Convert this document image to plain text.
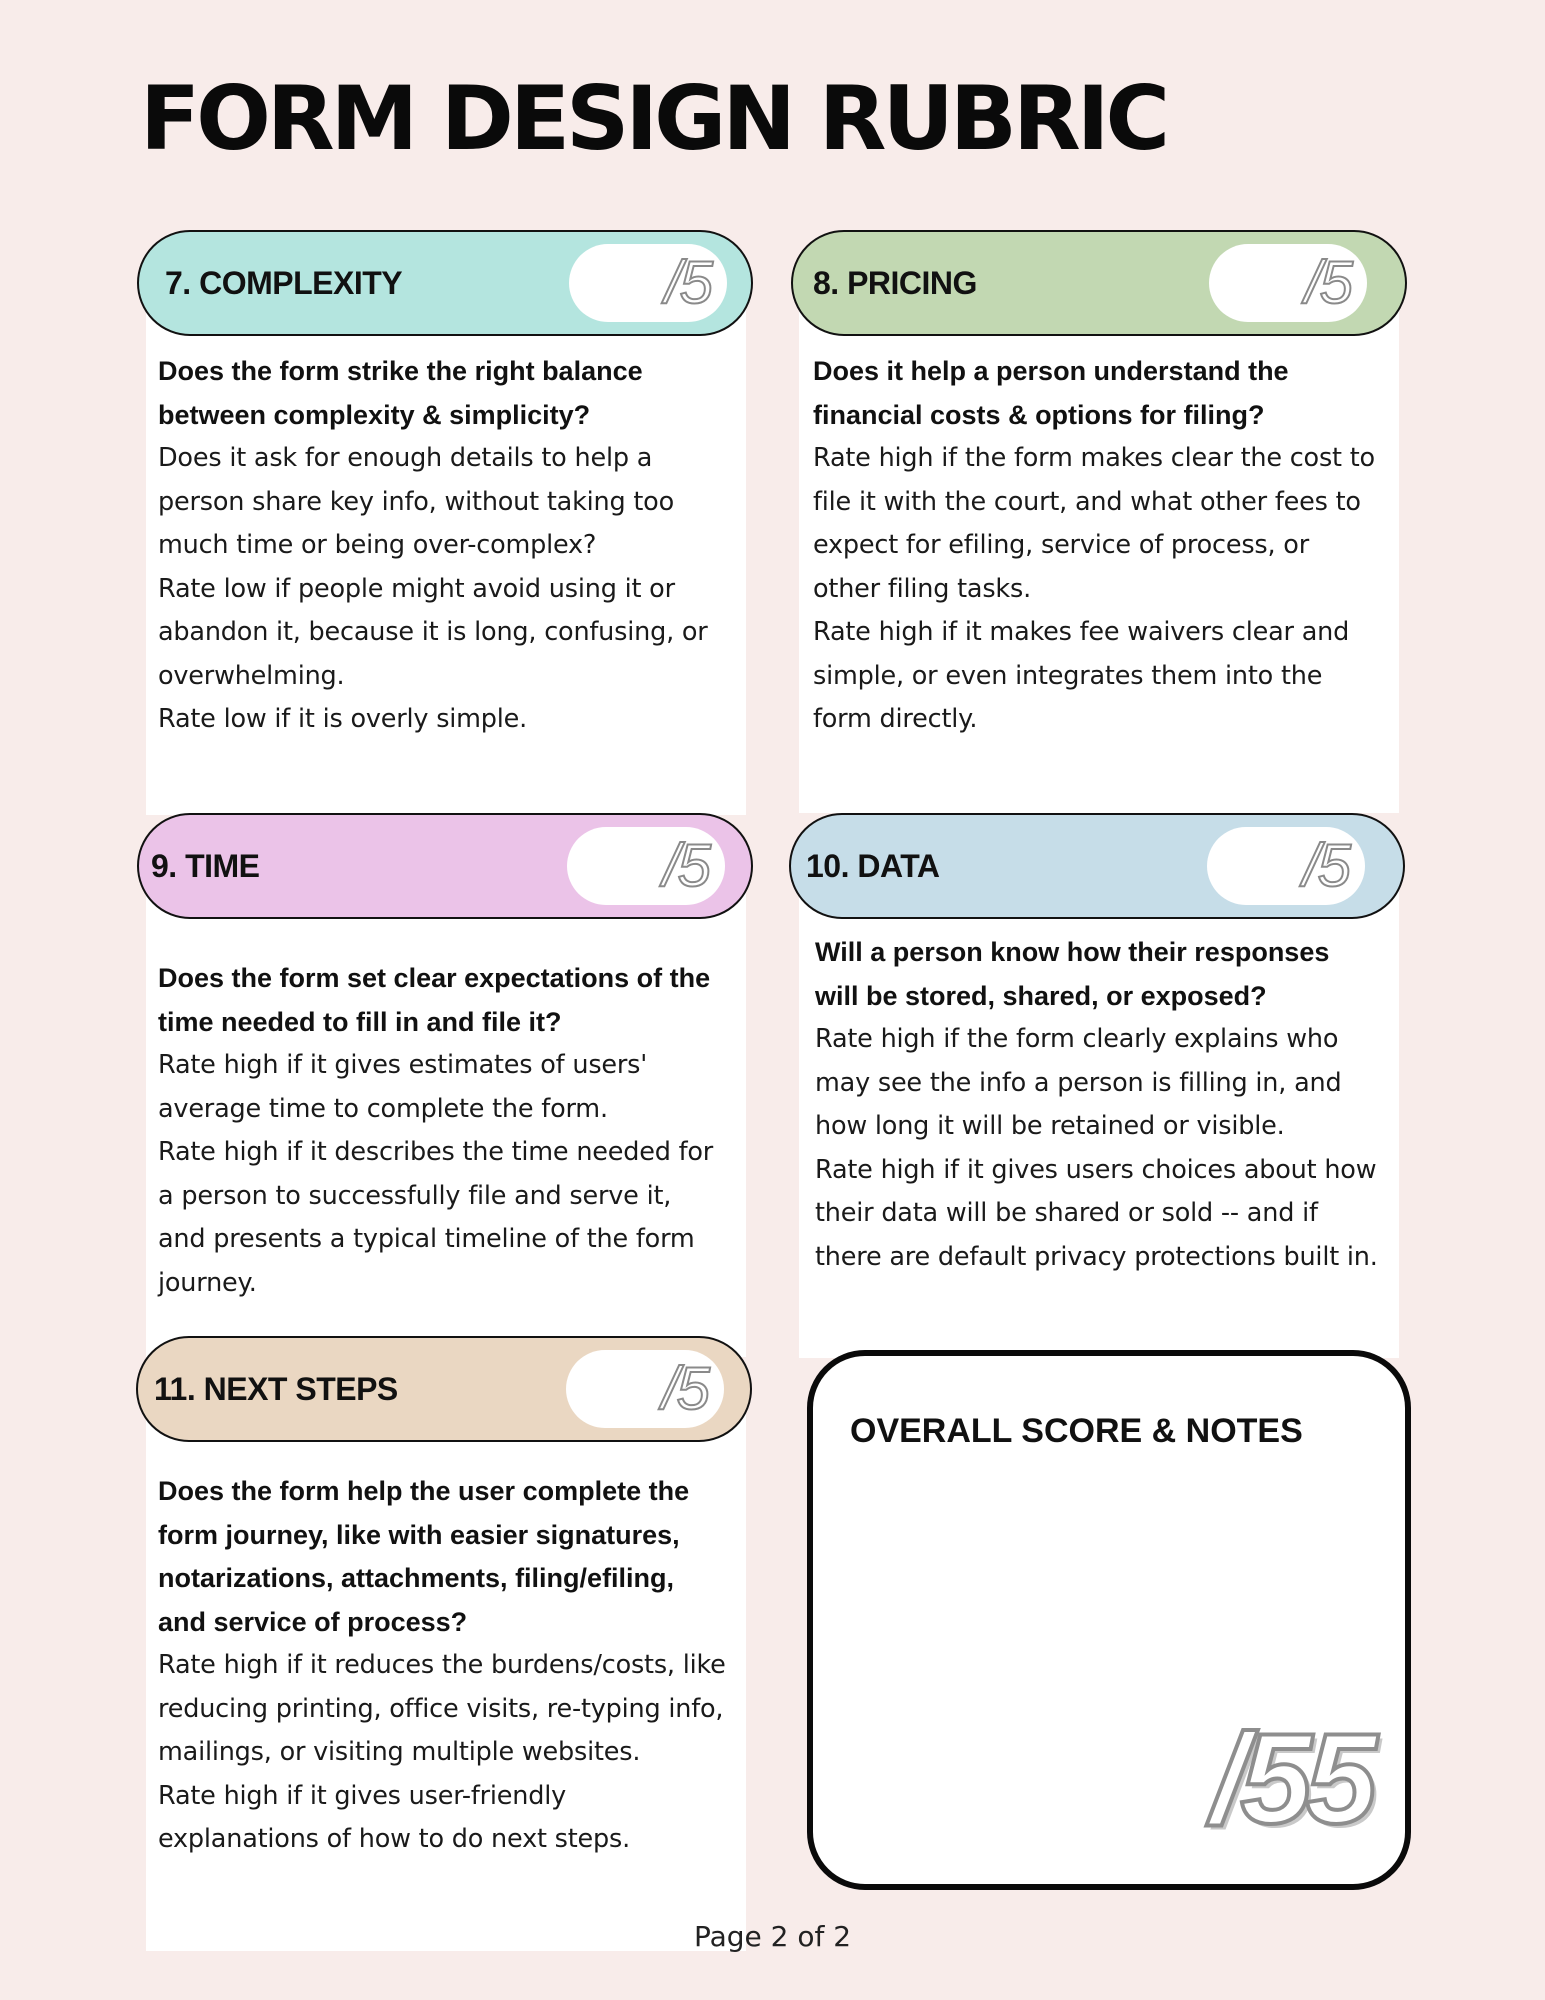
FORM DESIGN RUBRIC
7. COMPLEXITY	/5
Does the form strike the right balance between complexity & simplicity?
Does it ask for enough details to help a person share key info, without taking too much time or being over-complex?
Rate low if people might avoid using it or abandon it, because it is long, confusing, or overwhelming.
Rate low if it is overly simple.
8. PRICING	/5
Does it help a person understand the financial costs & options for filing?
Rate high if the form makes clear the cost to file it with the court, and what other fees to expect for efiling, service of process, or other filing tasks.
Rate high if it makes fee waivers clear and simple, or even integrates them into the form directly.
9. TIME	/5
Does the form set clear expectations of the time needed to fill in and file it?
Rate high if it gives estimates of users' average time to complete the form.
Rate high if it describes the time needed for a person to successfully file and serve it, and presents a typical timeline of the form journey.
10. DATA	/5
Will a person know how their responses will be stored, shared, or exposed?
Rate high if the form clearly explains who may see the info a person is filling in, and how long it will be retained or visible.
Rate high if it gives users choices about how their data will be shared or sold -- and if there are default privacy protections built in.
11. NEXT STEPS	/5
Does the form help the user complete the form journey, like with easier signatures, notarizations, attachments, filing/efiling, and service of process?
Rate high if it reduces the burdens/costs, like reducing printing, office visits, re-typing info, mailings, or visiting multiple websites.
Rate high if it gives user-friendly explanations of how to do next steps.
OVERALL SCORE & NOTES
/55
Page 2 of 2
